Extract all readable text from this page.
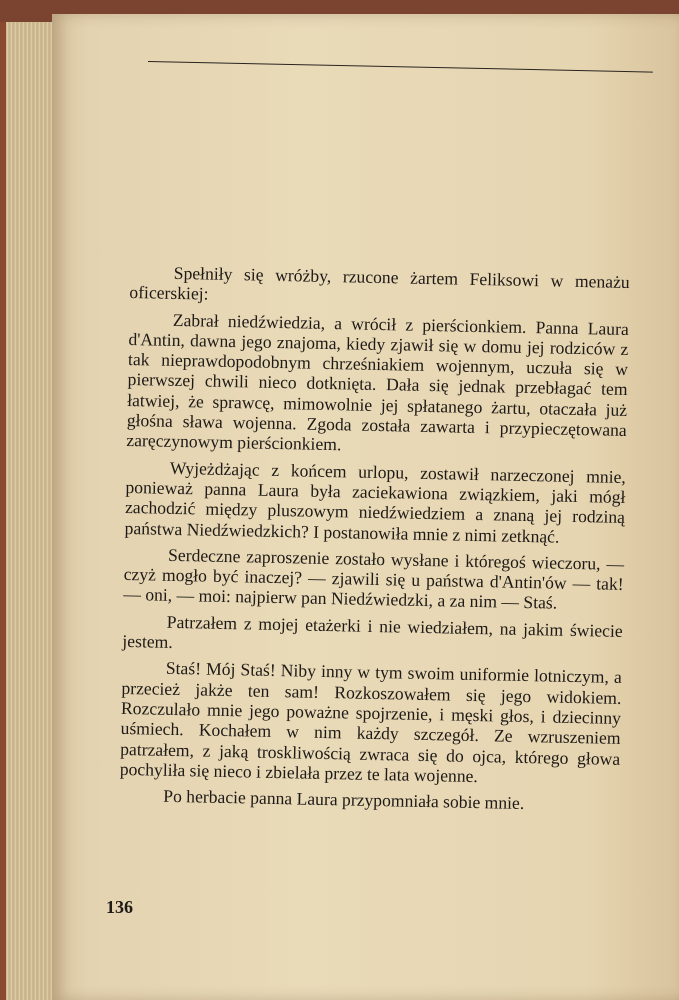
Spełniły się wróżby, rzucone żartem Feliksowi w menażu oficerskiej:

Zabrał niedźwiedzia, a wrócił z pierścionkiem. Panna Laura d'Antin, dawna jego znajoma, kiedy zjawił się w domu jej rodziców z tak nieprawdopodobnym chrześniakiem wojennym, uczuła się w pierwszej chwili nieco dotknięta. Dała się jednak przebłagać tem łatwiej, że sprawcę, mimowolnie jej spłatanego żartu, otaczała już głośna sława wojenna. Zgoda została zawarta i przypieczętowana zaręczynowym pierścionkiem.

Wyjeżdżając z końcem urlopu, zostawił narzeczonej mnie, ponieważ panna Laura była zaciekawiona związkiem, jaki mógł zachodzić między pluszowym niedźwiedziem a znaną jej rodziną państwa Niedźwiedzkich? I postanowiła mnie z nimi zetknąć.

Serdeczne zaproszenie zostało wysłane i któregoś wieczoru, — czyż mogło być inaczej? — zjawili się u państwa d'Antin'ów — tak! — oni, — moi: najpierw pan Niedźwiedzki, a za nim — Staś.

Patrzałem z mojej etażerki i nie wiedziałem, na jakim świecie jestem.

Staś! Mój Staś! Niby inny w tym swoim uniformie lotniczym, a przecież jakże ten sam! Rozkoszowałem się jego widokiem. Rozczulało mnie jego poważne spojrzenie, i męski głos, i dziecinny uśmiech. Kochałem w nim każdy szczegół. Ze wzruszeniem patrzałem, z jaką troskliwością zwraca się do ojca, którego głowa pochyliła się nieco i zbielała przez te lata wojenne.

Po herbacie panna Laura przypomniała sobie mnie.

136
